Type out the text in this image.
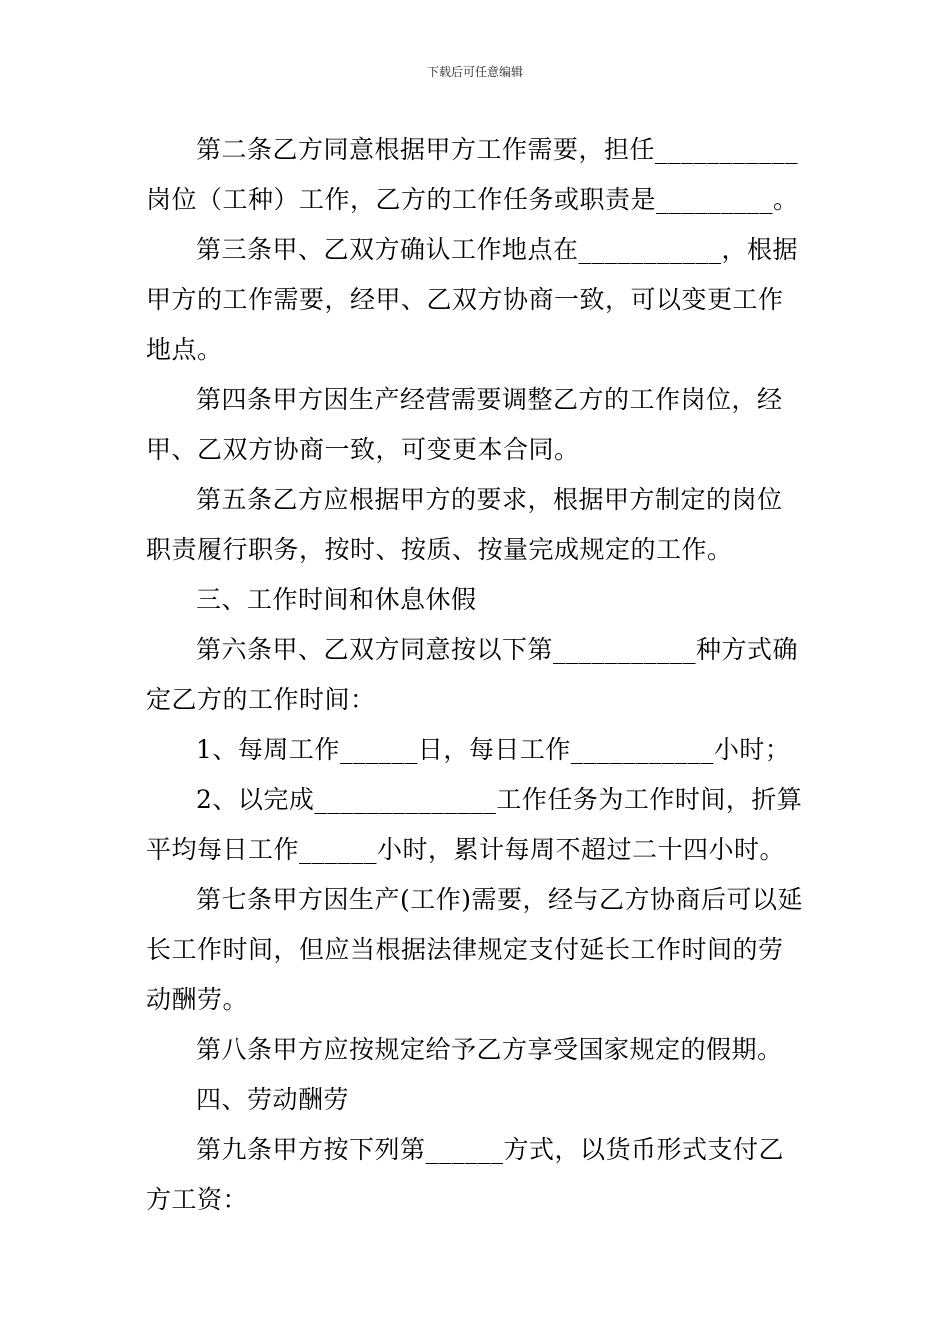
下载后可任意编辑

第二条乙方同意根据甲方工作需要，担任___________岗位（工种）工作，乙方的工作任务或职责是_________。

第三条甲、乙双方确认工作地点在___________，根据甲方的工作需要，经甲、乙双方协商一致，可以变更工作地点。

第四条甲方因生产经营需要调整乙方的工作岗位，经甲、乙双方协商一致，可变更本合同。

第五条乙方应根据甲方的要求，根据甲方制定的岗位职责履行职务，按时、按质、按量完成规定的工作。

三、工作时间和休息休假

第六条甲、乙双方同意按以下第___________种方式确定乙方的工作时间：

1、每周工作______日，每日工作___________小时；

2、以完成______________工作任务为工作时间，折算平均每日工作______小时，累计每周不超过二十四小时。

第七条甲方因生产(工作)需要，经与乙方协商后可以延长工作时间，但应当根据法律规定支付延长工作时间的劳动酬劳。

第八条甲方应按规定给予乙方享受国家规定的假期。

四、劳动酬劳

第九条甲方按下列第______方式，以货币形式支付乙方工资：
